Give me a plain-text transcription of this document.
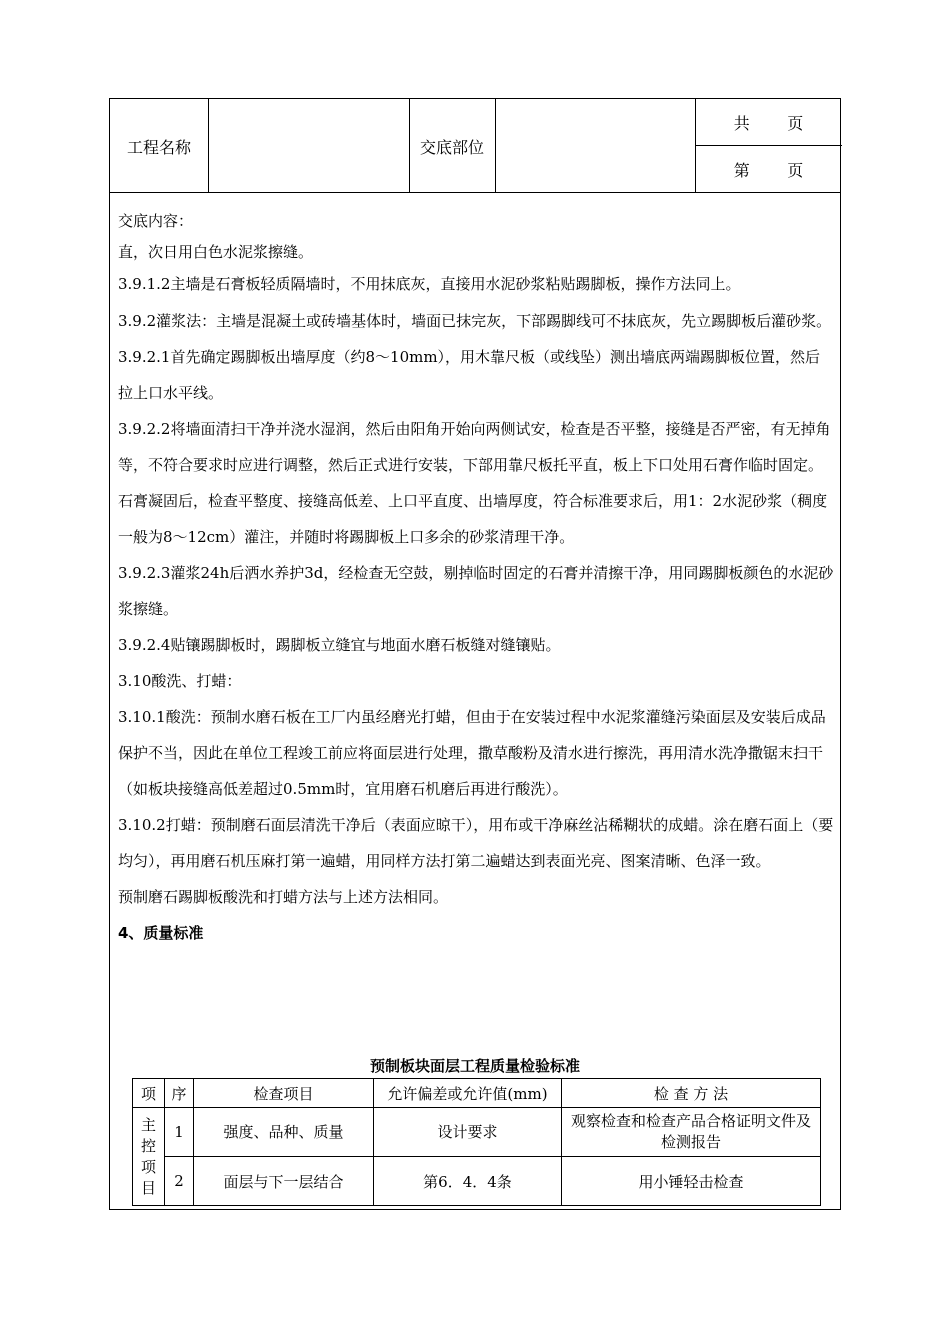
工程名称	交底部位
共 页
第 页

交底内容：

直，次日用白色水泥浆擦缝。

3.9.1.2主墙是石膏板轻质隔墙时，不用抹底灰，直接用水泥砂浆粘贴踢脚板，操作方法同上。

3.9.2灌浆法：主墙是混凝土或砖墙基体时，墙面已抹完灰，下部踢脚线可不抹底灰，先立踢脚板后灌砂浆。

3.9.2.1首先确定踢脚板出墙厚度（约8～10mm），用木靠尺板（或线坠）测出墙底两端踢脚板位置，然后拉上口水平线。

3.9.2.2将墙面清扫干净并浇水湿润，然后由阳角开始向两侧试安，检查是否平整，接缝是否严密，有无掉角等，不符合要求时应进行调整，然后正式进行安装，下部用靠尺板托平直，板上下口处用石膏作临时固定。石膏凝固后，检查平整度、接缝高低差、上口平直度、出墙厚度，符合标准要求后，用1：2水泥砂浆（稠度一般为8～12cm）灌注，并随时将踢脚板上口多余的砂浆清理干净。

3.9.2.3灌浆24h后洒水养护3d，经检查无空鼓，剔掉临时固定的石膏并清擦干净，用同踢脚板颜色的水泥砂浆擦缝。

3.9.2.4贴镶踢脚板时，踢脚板立缝宜与地面水磨石板缝对缝镶贴。

3.10酸洗、打蜡：

3.10.1酸洗：预制水磨石板在工厂内虽经磨光打蜡，但由于在安装过程中水泥浆灌缝污染面层及安装后成品保护不当，因此在单位工程竣工前应将面层进行处理，撒草酸粉及清水进行擦洗，再用清水洗净撒锯末扫干（如板块接缝高低差超过0.5mm时，宜用磨石机磨后再进行酸洗）。

3.10.2打蜡：预制磨石面层清洗干净后（表面应晾干），用布或干净麻丝沾稀糊状的成蜡。涂在磨石面上（要均匀），再用磨石机压麻打第一遍蜡，用同样方法打第二遍蜡达到表面光亮、图案清晰、色泽一致。

预制磨石踢脚板酸洗和打蜡方法与上述方法相同。

4、质量标准

预制板块面层工程质量检验标准
项	序	检查项目	允许偏差或允许值(mm)	检 查 方 法
主控项目	1	强度、品种、质量	设计要求	观察检查和检查产品合格证明文件及检测报告
	2	面层与下一层结合	第6．4．4条	用小锤轻击检查
